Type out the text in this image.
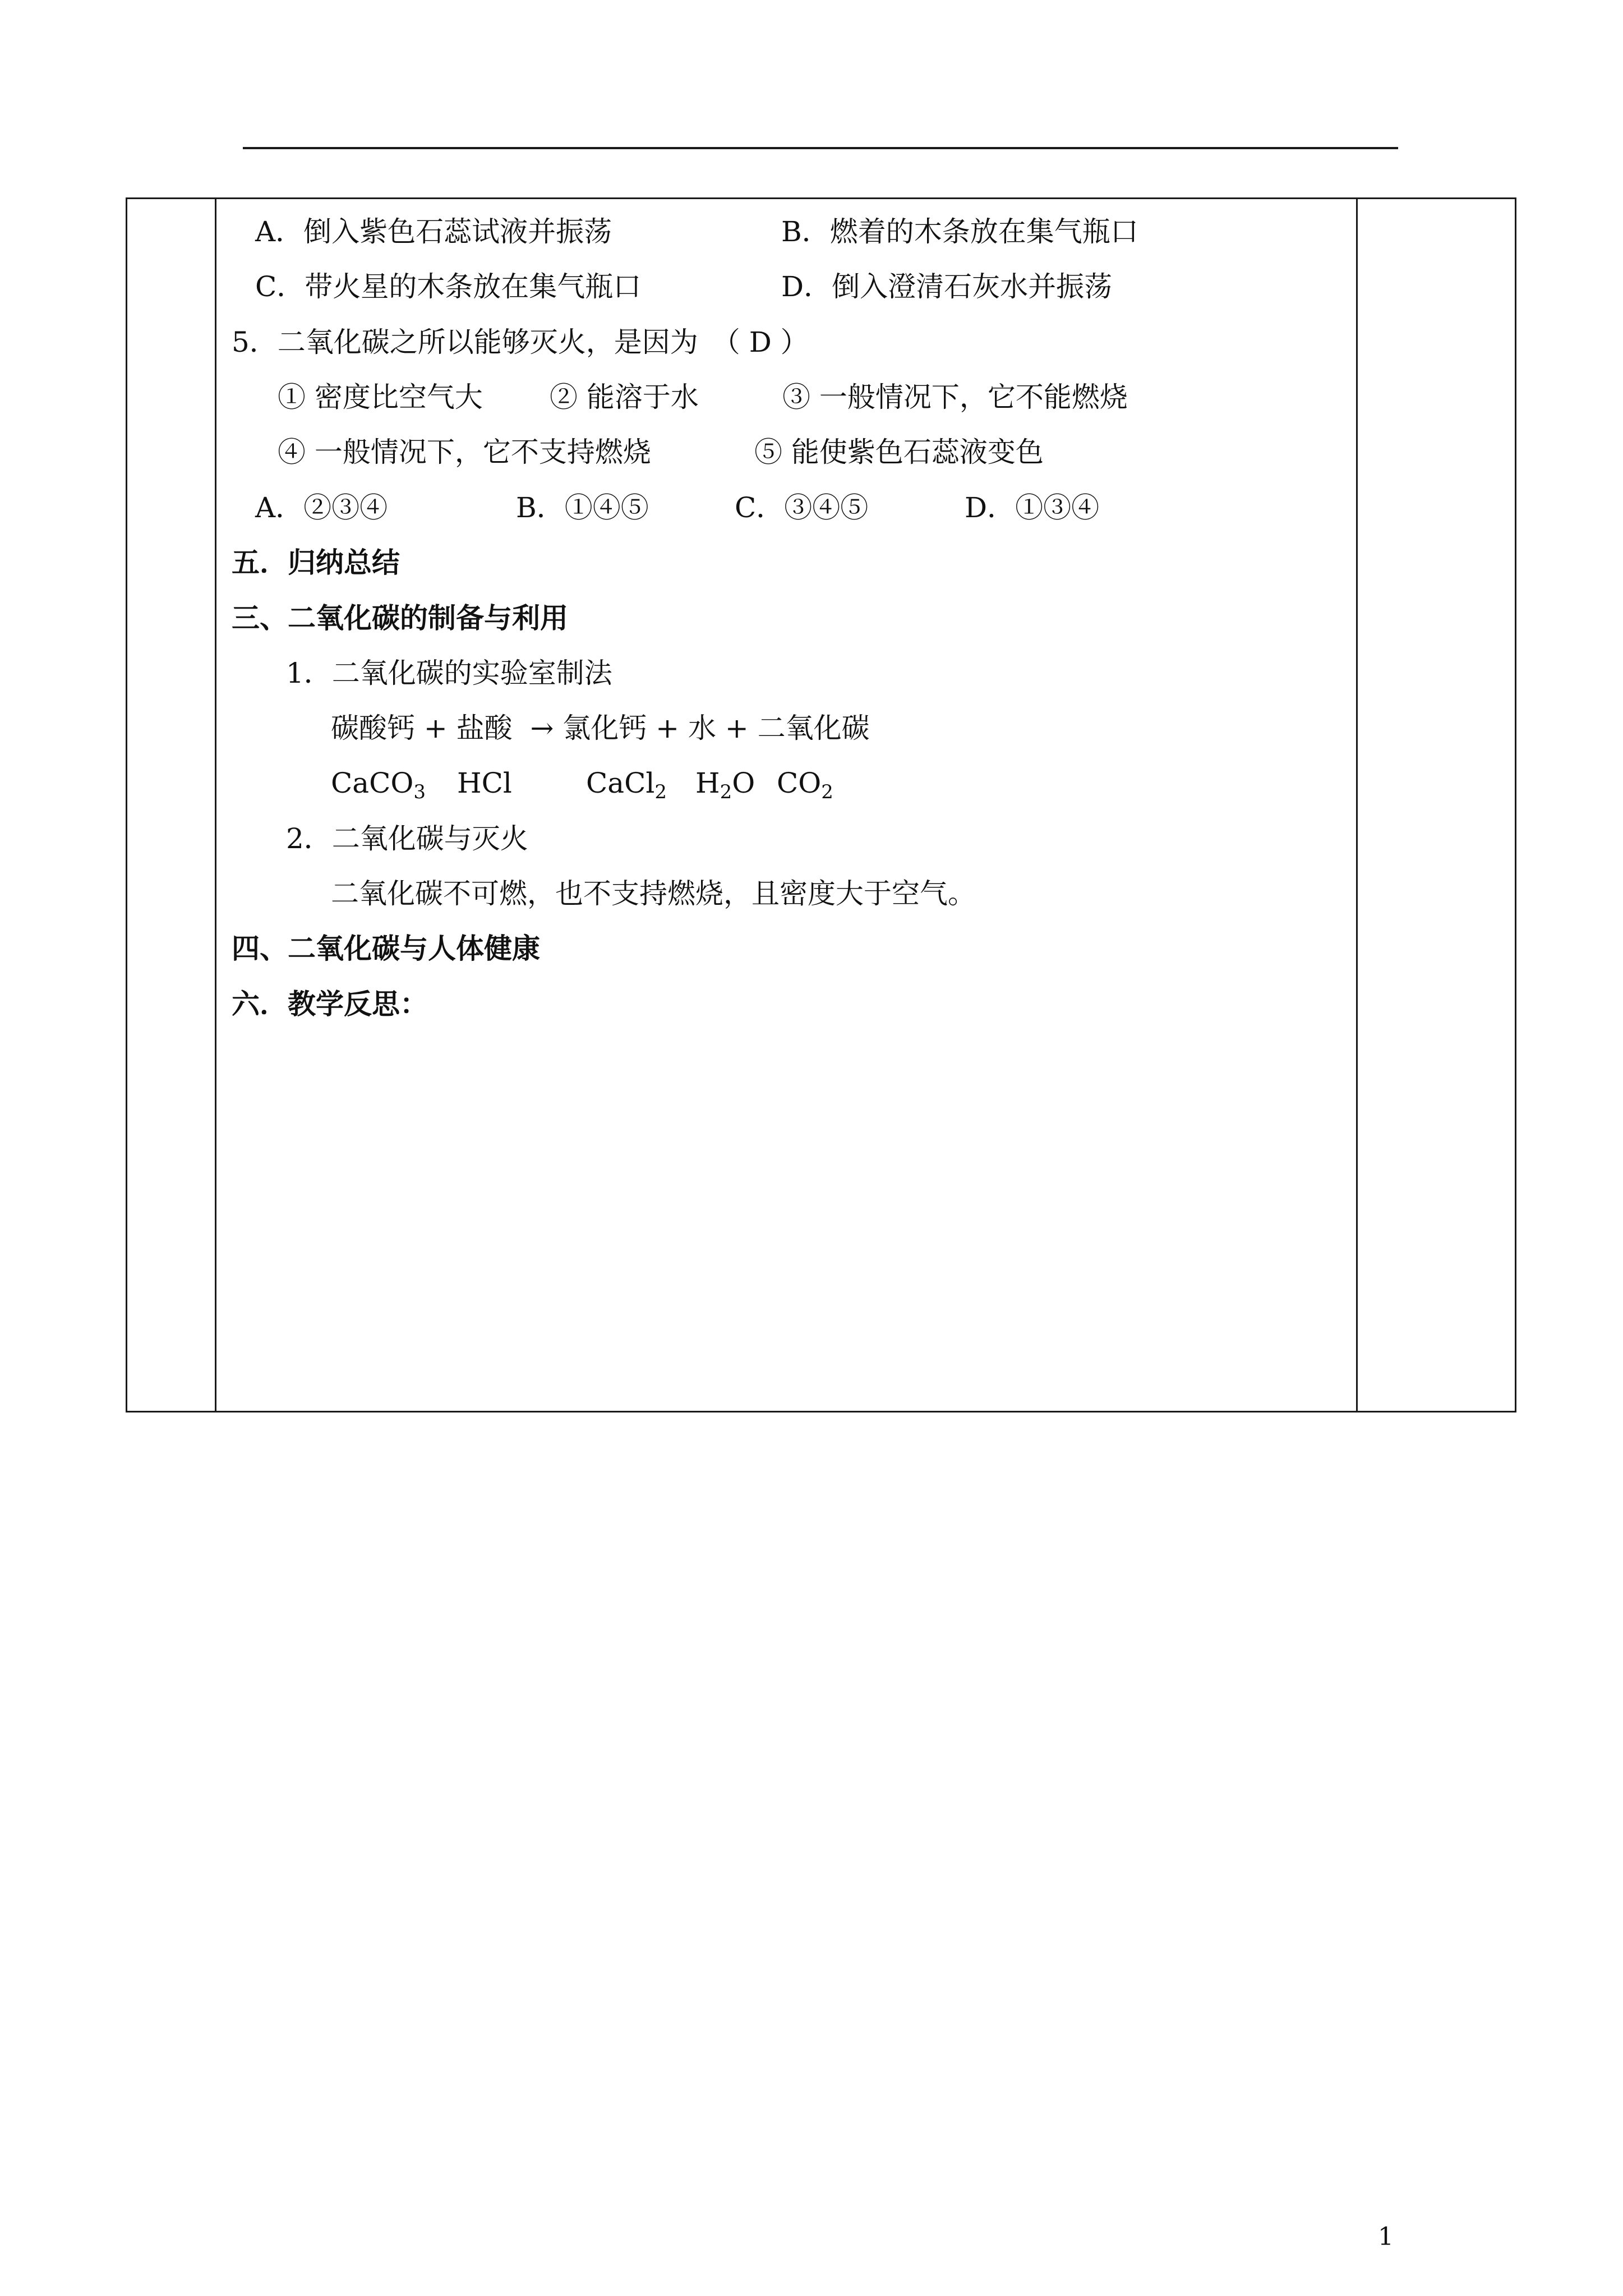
A．倒入紫色石蕊试液并振荡	B．燃着的木条放在集气瓶口
C．带火星的木条放在集气瓶口	D．倒入澄清石灰水并振荡
5．二氧化碳之所以能够灭火，是因为　（ D ）
① 密度比空气大 ② 能溶于水	③ 一般情况下，它不能燃烧
④ 一般情况下，它不支持燃烧	⑤ 能使紫色石蕊液变色
A．②③④	B．①④⑤	C．③④⑤	D．①③④
五．归纳总结
三、二氧化碳的制备与利用
1．二氧化碳的实验室制法
碳酸钙 + 盐酸  → 氯化钙 + 水 + 二氧化碳
CaCO$_3$ HCl	CaCl$_2$ $H_2O$ $CO_2$
2．二氧化碳与灭火
二氧化碳不可燃，也不支持燃烧，且密度大于空气。
四、二氧化碳与人体健康
六．教学反思：
1
